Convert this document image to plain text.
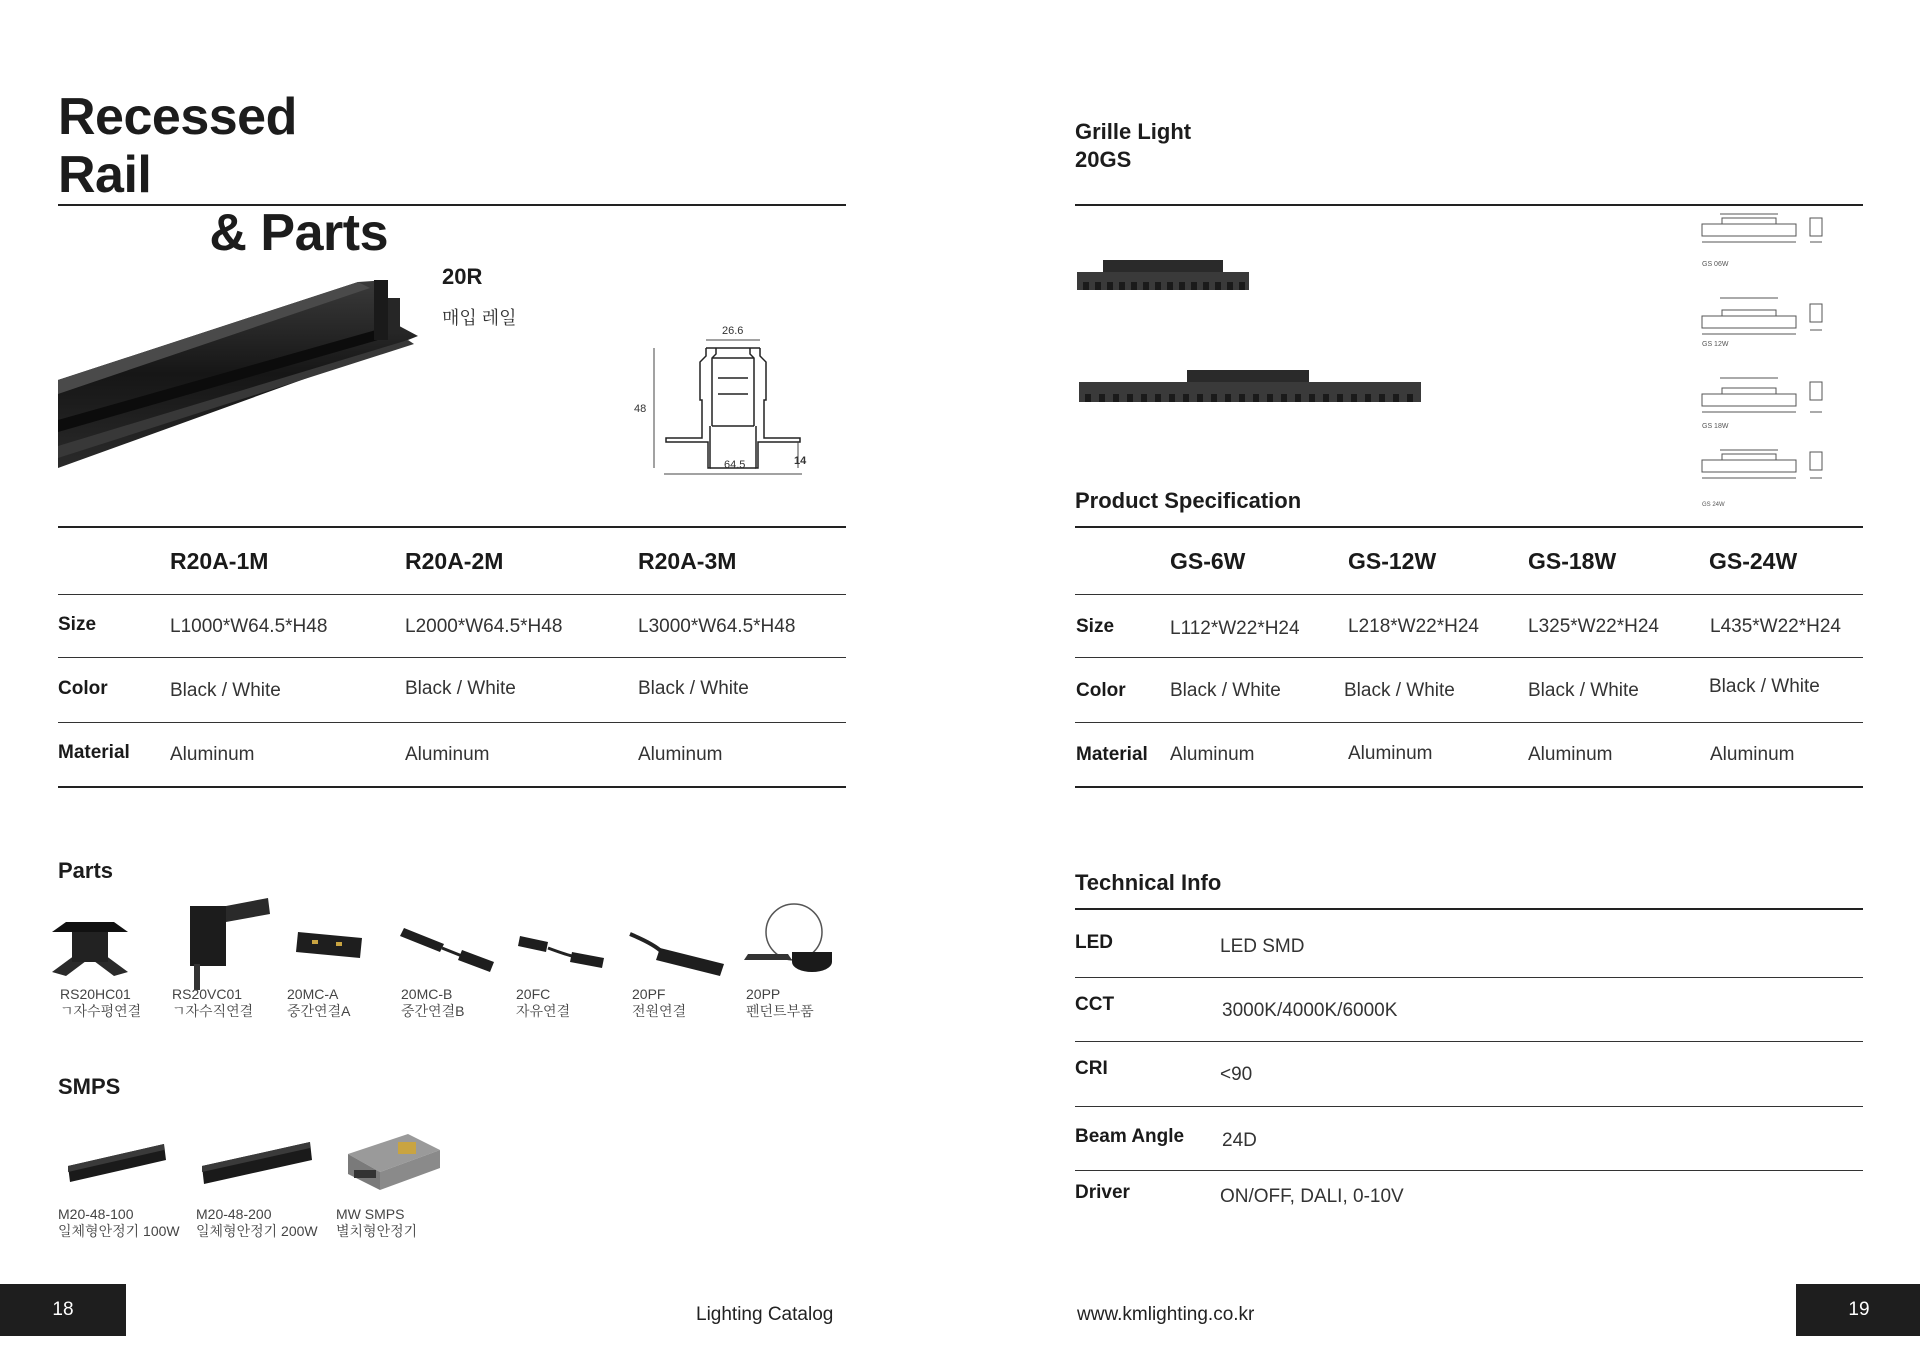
Recessed Rail
& Parts
20R
매입 레일
26.6
48
64.5	14
R20A-1M	R20A-2M	R20A-3M
Size	L1000*W64.5*H48	L2000*W64.5*H48	L3000*W64.5*H48
Color	Black / White	Black / White	Black / White
Material Aluminum	Aluminum	Aluminum
Parts
RS20HC01
ㄱ자수평연결
RS20VC01
ㄱ자수직연결
20MC-A
중간연결A
20MC-B
중간연결B
20FC
자유연결
20PF
전원연결
20PP
펜던트부품
SMPS
M20-48-100
일체형안정기 100W
M20-48-200
일체형안정기 200W
MW SMPS
별치형안정기
18	Lighting Catalog
Grille Light
20GS
GS 06W
GS 12W
GS 18W
GS 24W
Product Specification
GS-6W	GS-12W	GS-18W	GS-24W
Size	L112*W22*H24	L218*W22*H24	L325*W22*H24	L435*W22*H24
Color Black / White	Black / White	Black / White	Black / White
Material Aluminum	Aluminum	Aluminum	Aluminum
Technical Info
LED	LED SMD
CCT	3000K/4000K/6000K
CRI	<90
Beam Angle 24D
Driver	ON/OFF, DALI, 0-10V
www.kmlighting.co.kr	19
